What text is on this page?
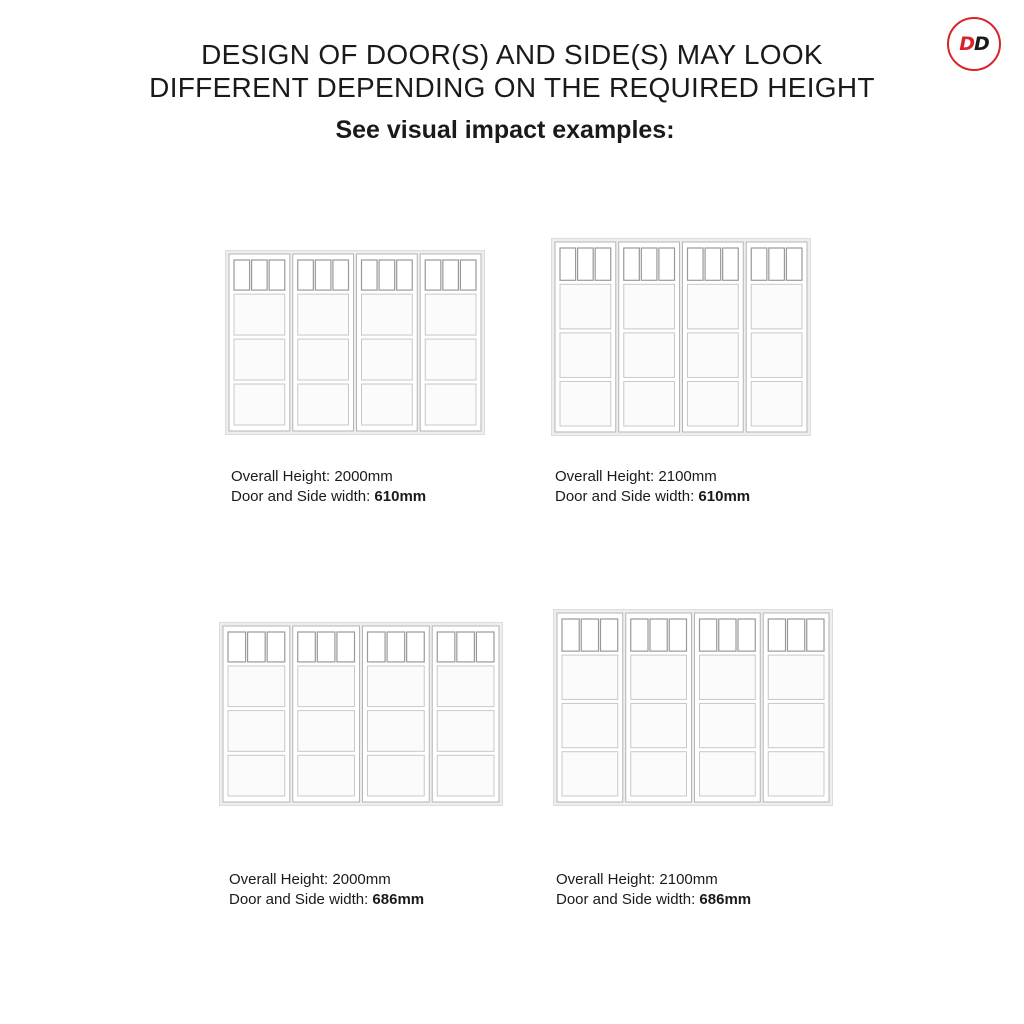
DESIGN OF DOOR(S) AND SIDE(S) MAY LOOK
DIFFERENT DEPENDING ON THE REQUIRED HEIGHT
See visual impact examples:
D D
Overall Height: 2000mm
Door and Side width: 610mm
Overall Height: 2100mm
Door and Side width: 610mm
Overall Height: 2000mm
Door and Side width: 686mm
Overall Height: 2100mm
Door and Side width: 686mm
